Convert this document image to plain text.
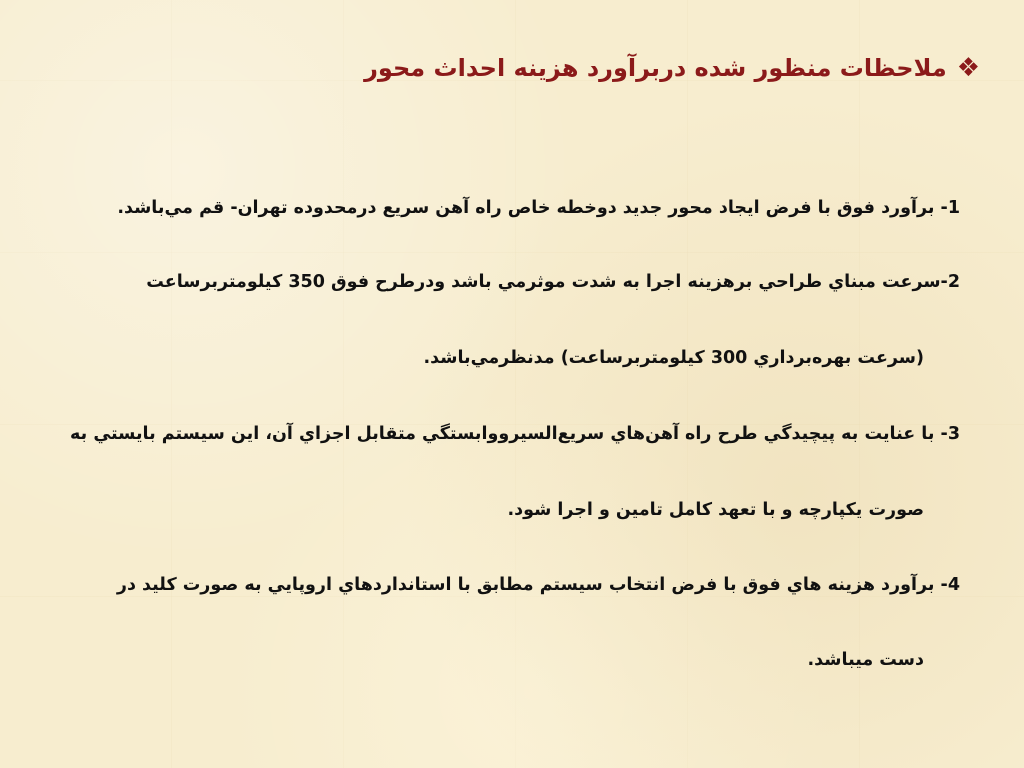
❖
ملاحظات منظور شده دربرآورد هزينه احداث محور
1- برآورد فوق با فرض ايجاد محور جديد دوخطه خاص راه آهن سريع درمحدوده تهران- قم مي‌باشد.
2-سرعت مبناي طراحي برهزينه اجرا به شدت موثرمي باشد ودرطرح فوق 350 كيلومتربرساعت
(سرعت بهره‌برداري 300 كيلومتربرساعت) مدنظرمي‌باشد.
3- با عنايت به پيچيدگي طرح راه آهن‌هاي سريع‌السيرووابستگي متقابل اجزاي آن، اين سيستم بايستي به
صورت يكپارچه و با تعهد كامل تامين و اجرا شود.
4- برآورد هزينه هاي فوق با فرض انتخاب سيستم مطابق با استانداردهاي اروپايي به صورت كليد در
دست ميباشد.
